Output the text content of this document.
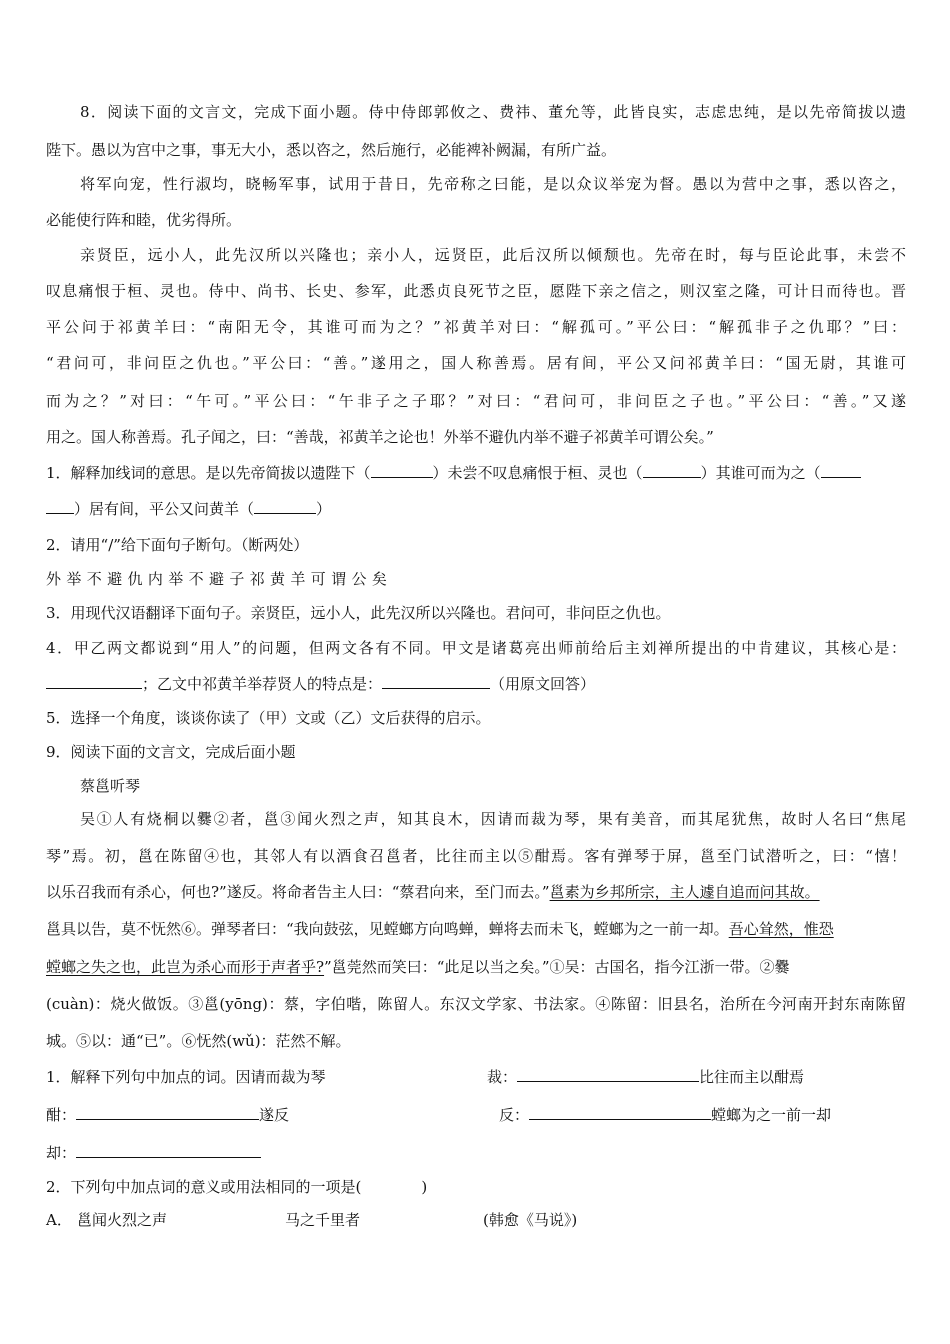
8．阅读下面的文言文，完成下面小题。侍中侍郎郭攸之、费祎、董允等，此皆良实，志虑忠纯，是以先帝简拔以遗
陛下。愚以为宫中之事，事无大小，悉以咨之，然后施行，必能裨补阙漏，有所广益。
将军向宠，性行淑均，晓畅军事，试用于昔日，先帝称之曰能，是以众议举宠为督。愚以为营中之事，悉以咨之，
必能使行阵和睦，优劣得所。
亲贤臣，远小人，此先汉所以兴隆也；亲小人，远贤臣，此后汉所以倾颓也。先帝在时，每与臣论此事，未尝不
叹息痛恨于桓、灵也。侍中、尚书、长史、参军，此悉贞良死节之臣，愿陛下亲之信之，则汉室之隆，可计日而待也。晋
平公问于祁黄羊曰：“南阳无令，其谁可而为之？”祁黄羊对曰：“解孤可。”平公曰：“解孤非子之仇耶？”曰：
“君问可，非问臣之仇也。”平公曰：“善。”遂用之，国人称善焉。居有间，平公又问祁黄羊曰：“国无尉，其谁可
而为之？”对曰：“午可。”平公曰：“午非子之子耶？”对曰：“君问可，非问臣之子也。”平公曰：“善。”又遂
用之。国人称善焉。孔子闻之，曰：“善哉，祁黄羊之论也！外举不避仇内举不避子祁黄羊可谓公矣。”
1．解释加线词的意思。是以先帝简拔以遗陛下（	）未尝不叹息痛恨于桓、灵也（	）其谁可而为之（
）居有间，平公又问黄羊（	）
2．请用“/”给下面句子断句。（断两处）
外 举 不 避 仇 内 举 不 避 子 祁 黄 羊 可 谓 公 矣
3．用现代汉语翻译下面句子。亲贤臣，远小人，此先汉所以兴隆也。君问可，非问臣之仇也。
4．甲乙两文都说到“用人”的问题，但两文各有不同。甲文是诸葛亮出师前给后主刘禅所提出的中肯建议，其核心是：
；乙文中祁黄羊举荐贤人的特点是：	（用原文回答）
5．选择一个角度，谈谈你读了（甲）文或（乙）文后获得的启示。
9．阅读下面的文言文，完成后面小题
蔡邕听琴
吴①人有烧桐以爨②者，邕③闻火烈之声，知其良木，因请而裁为琴，果有美音，而其尾犹焦，故时人名曰“焦尾
琴”焉。初，邕在陈留④也，其邻人有以酒食召邕者，比往而主以⑤酣焉。客有弹琴于屏，邕至门试潜听之，曰：“憘！
以乐召我而有杀心，何也?”遂反。将命者告主人曰：“蔡君向来，至门而去。”邕素为乡邦所宗，主人遽自追而问其故。
邕具以告，莫不怃然⑥。弹琴者曰：“我向鼓弦，见螳螂方向鸣蝉，蝉将去而未飞，螳螂为之一前一却。吾心耸然，惟恐
螳螂之失之也，此岂为杀心而形于声者乎?”邕莞然而笑曰：“此足以当之矣。”①吴：古国名，指今江浙一带。②爨
(cuàn)：烧火做饭。③邕(yōng)：蔡，字伯喈，陈留人。东汉文学家、书法家。④陈留：旧县名，治所在今河南开封东南陈留
城。⑤以：通“已”。⑥怃然(wǔ)：茫然不解。
1．解释下列句中加点的词。因请而裁为琴	裁：	比往而主以酣焉
酣：	遂反	反：	螳螂为之一前一却
却：
2．下列句中加点词的意义或用法相同的一项是(　　　　)
A． 邕闻火烈之声	马之千里者	(韩愈《马说》)
